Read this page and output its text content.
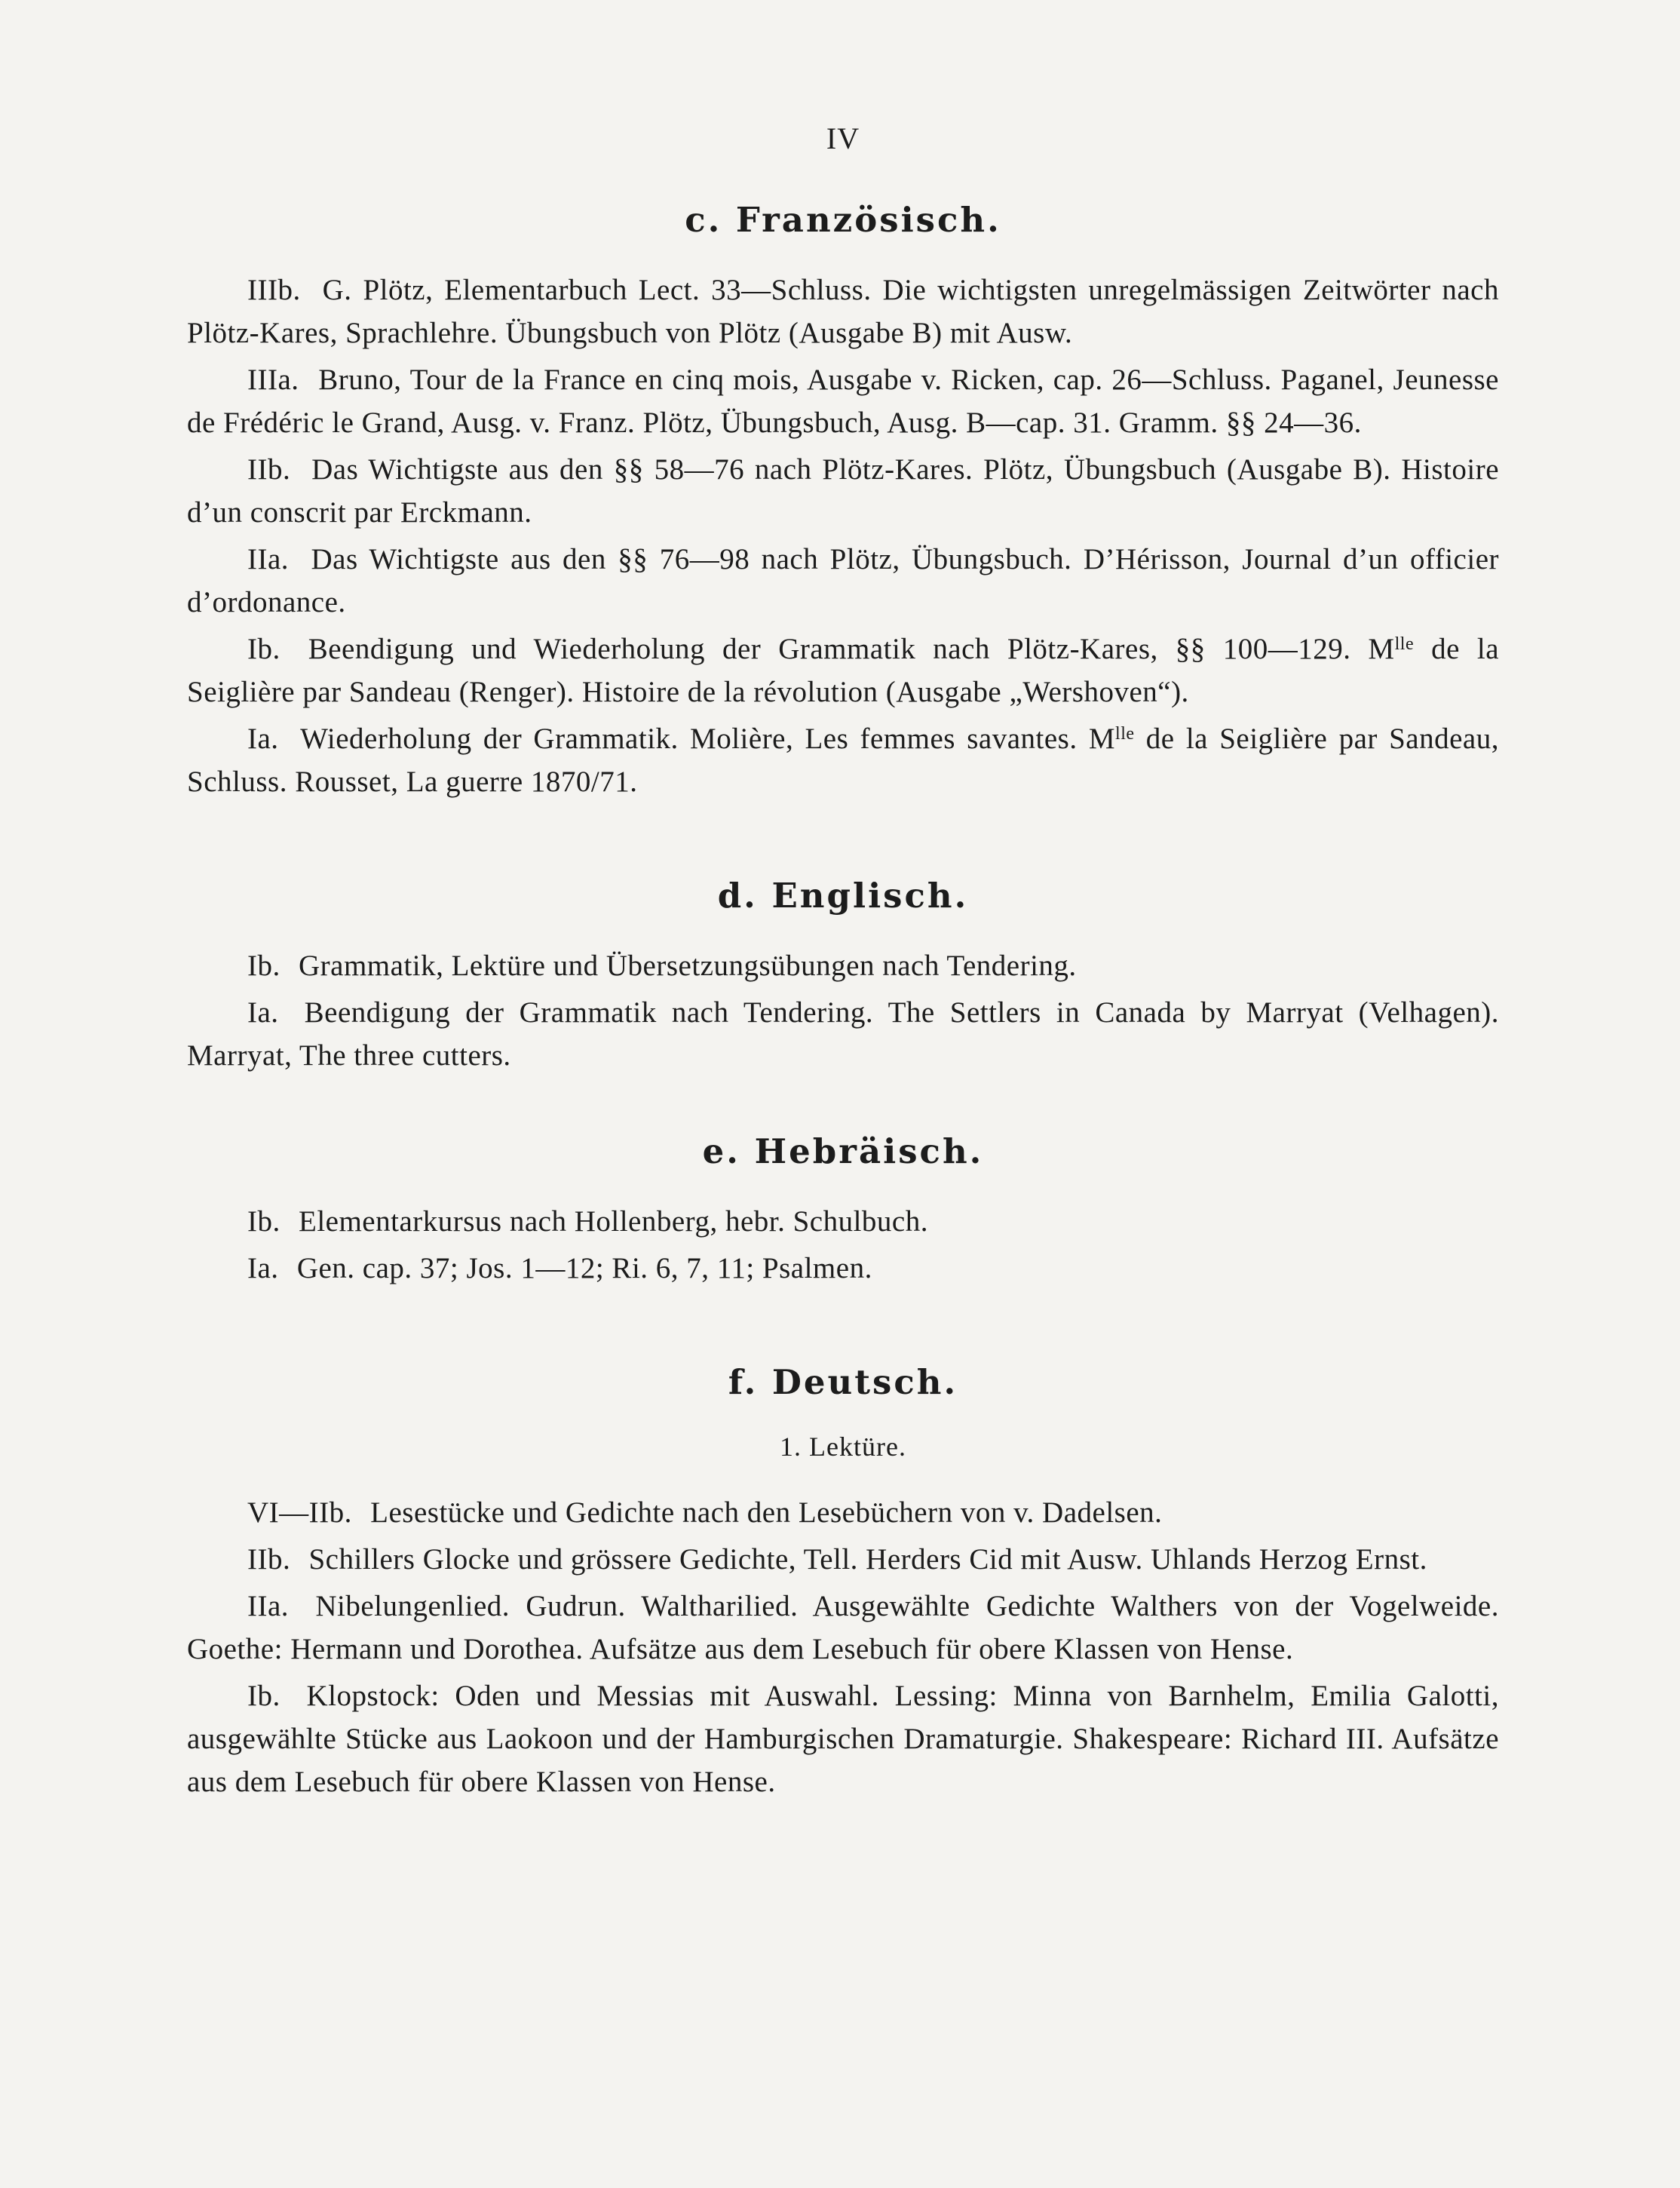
IV
c. Französisch.

IIIb. G. Plötz, Elementarbuch Lect. 33—Schluss. Die wichtigsten unregelmässigen Zeitwörter nach Plötz-Kares, Sprachlehre. Übungsbuch von Plötz (Ausgabe B) mit Ausw.

IIIa. Bruno, Tour de la France en cinq mois, Ausgabe v. Ricken, cap. 26—Schluss. Paganel, Jeunesse de Frédéric le Grand, Ausg. v. Franz. Plötz, Übungsbuch, Ausg. B—cap. 31. Gramm. §§ 24—36.

IIb. Das Wichtigste aus den §§ 58—76 nach Plötz-Kares. Plötz, Übungsbuch (Ausgabe B). Histoire d’un conscrit par Erckmann.

IIa. Das Wichtigste aus den §§ 76—98 nach Plötz, Übungsbuch. D’Hérisson, Journal d’un officier d’ordonance.

Ib. Beendigung und Wiederholung der Grammatik nach Plötz-Kares, §§ 100—129. $M^{lle}$ de la Seiglière par Sandeau (Renger). Histoire de la révolution (Ausgabe „Wershoven“).

Ia. Wiederholung der Grammatik. Molière, Les femmes savantes. $M^{lle}$ de la Seiglière par Sandeau, Schluss. Rousset, La guerre 1870/71.

d. Englisch.

Ib. Grammatik, Lektüre und Übersetzungsübungen nach Tendering.

Ia. Beendigung der Grammatik nach Tendering. The Settlers in Canada by Marryat (Velhagen). Marryat, The three cutters.

e. Hebräisch.

Ib. Elementarkursus nach Hollenberg, hebr. Schulbuch.

Ia. Gen. cap. 37; Jos. 1—12; Ri. 6, 7, 11; Psalmen.

f. Deutsch.
1. Lektüre.

VI—IIb. Lesestücke und Gedichte nach den Lesebüchern von v. Dadelsen.

IIb. Schillers Glocke und grössere Gedichte, Tell. Herders Cid mit Ausw. Uhlands Herzog Ernst.

IIa. Nibelungenlied. Gudrun. Waltharilied. Ausgewählte Gedichte Walthers von der Vogelweide. Goethe: Hermann und Dorothea. Aufsätze aus dem Lesebuch für obere Klassen von Hense.

Ib. Klopstock: Oden und Messias mit Auswahl. Lessing: Minna von Barnhelm, Emilia Galotti, ausgewählte Stücke aus Laokoon und der Hamburgischen Dramaturgie. Shakespeare: Richard III. Aufsätze aus dem Lesebuch für obere Klassen von Hense.
